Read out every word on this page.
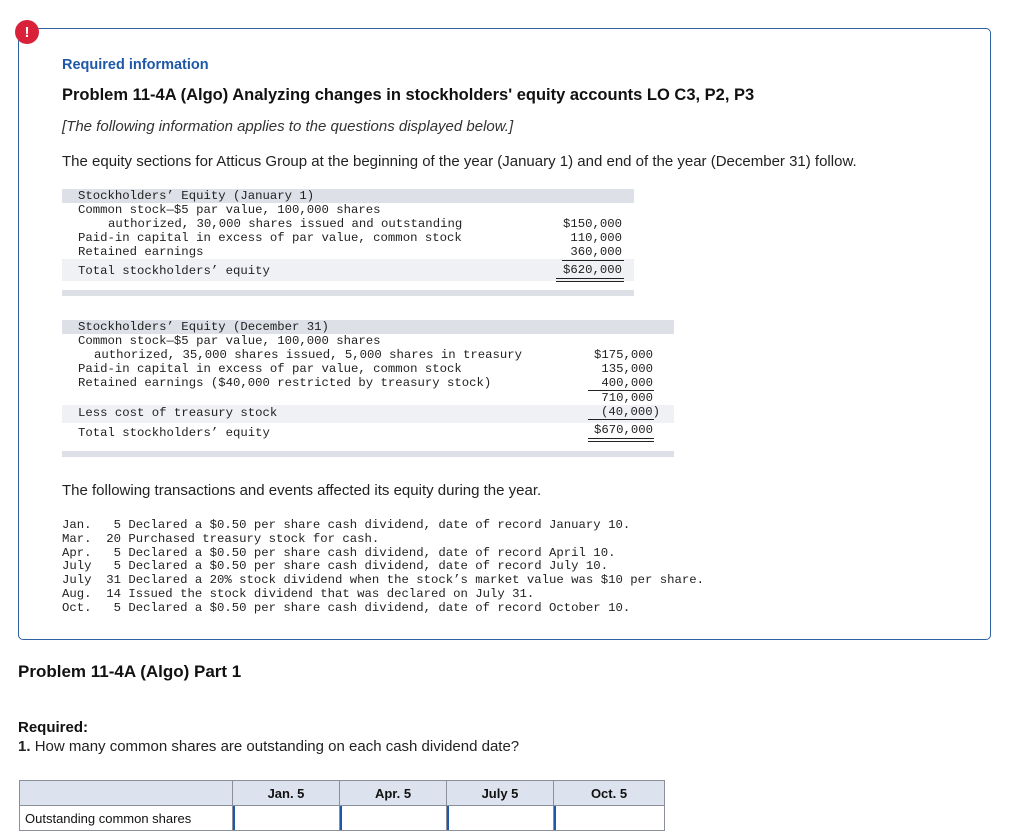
!
Required information
Problem 11-4A (Algo) Analyzing changes in stockholders' equity accounts LO C3, P2, P3
[The following information applies to the questions displayed below.]
The equity sections for Atticus Group at the beginning of the year (January 1) and end of the year (December 31) follow.
Stockholders’ Equity (January 1)
Common stock—$5 par value, 100,000 shares
authorized, 30,000 shares issued and outstanding	$150,000
Paid-in capital in excess of par value, common stock	110,000
Retained earnings	360,000
Total stockholders’ equity	$620,000
Stockholders’ Equity (December 31)
Common stock—$5 par value, 100,000 shares
authorized, 35,000 shares issued, 5,000 shares in treasury	$175,000
Paid-in capital in excess of par value, common stock	135,000
Retained earnings ($40,000 restricted by treasury stock)	400,000
710,000
Less cost of treasury stock	(40,000)
Total stockholders’ equity	$670,000
The following transactions and events affected its equity during the year.
Jan.   5 Declared a $0.50 per share cash dividend, date of record January 10.
Mar.  20 Purchased treasury stock for cash.
Apr.   5 Declared a $0.50 per share cash dividend, date of record April 10.
July   5 Declared a $0.50 per share cash dividend, date of record July 10.
July  31 Declared a 20% stock dividend when the stock’s market value was $10 per share.
Aug.  14 Issued the stock dividend that was declared on July 31.
Oct.   5 Declared a $0.50 per share cash dividend, date of record October 10.
Problem 11-4A (Algo) Part 1
Required:
1. How many common shares are outstanding on each cash dividend date?
	Jan. 5	Apr. 5	July 5	Oct. 5
Outstanding common shares				
